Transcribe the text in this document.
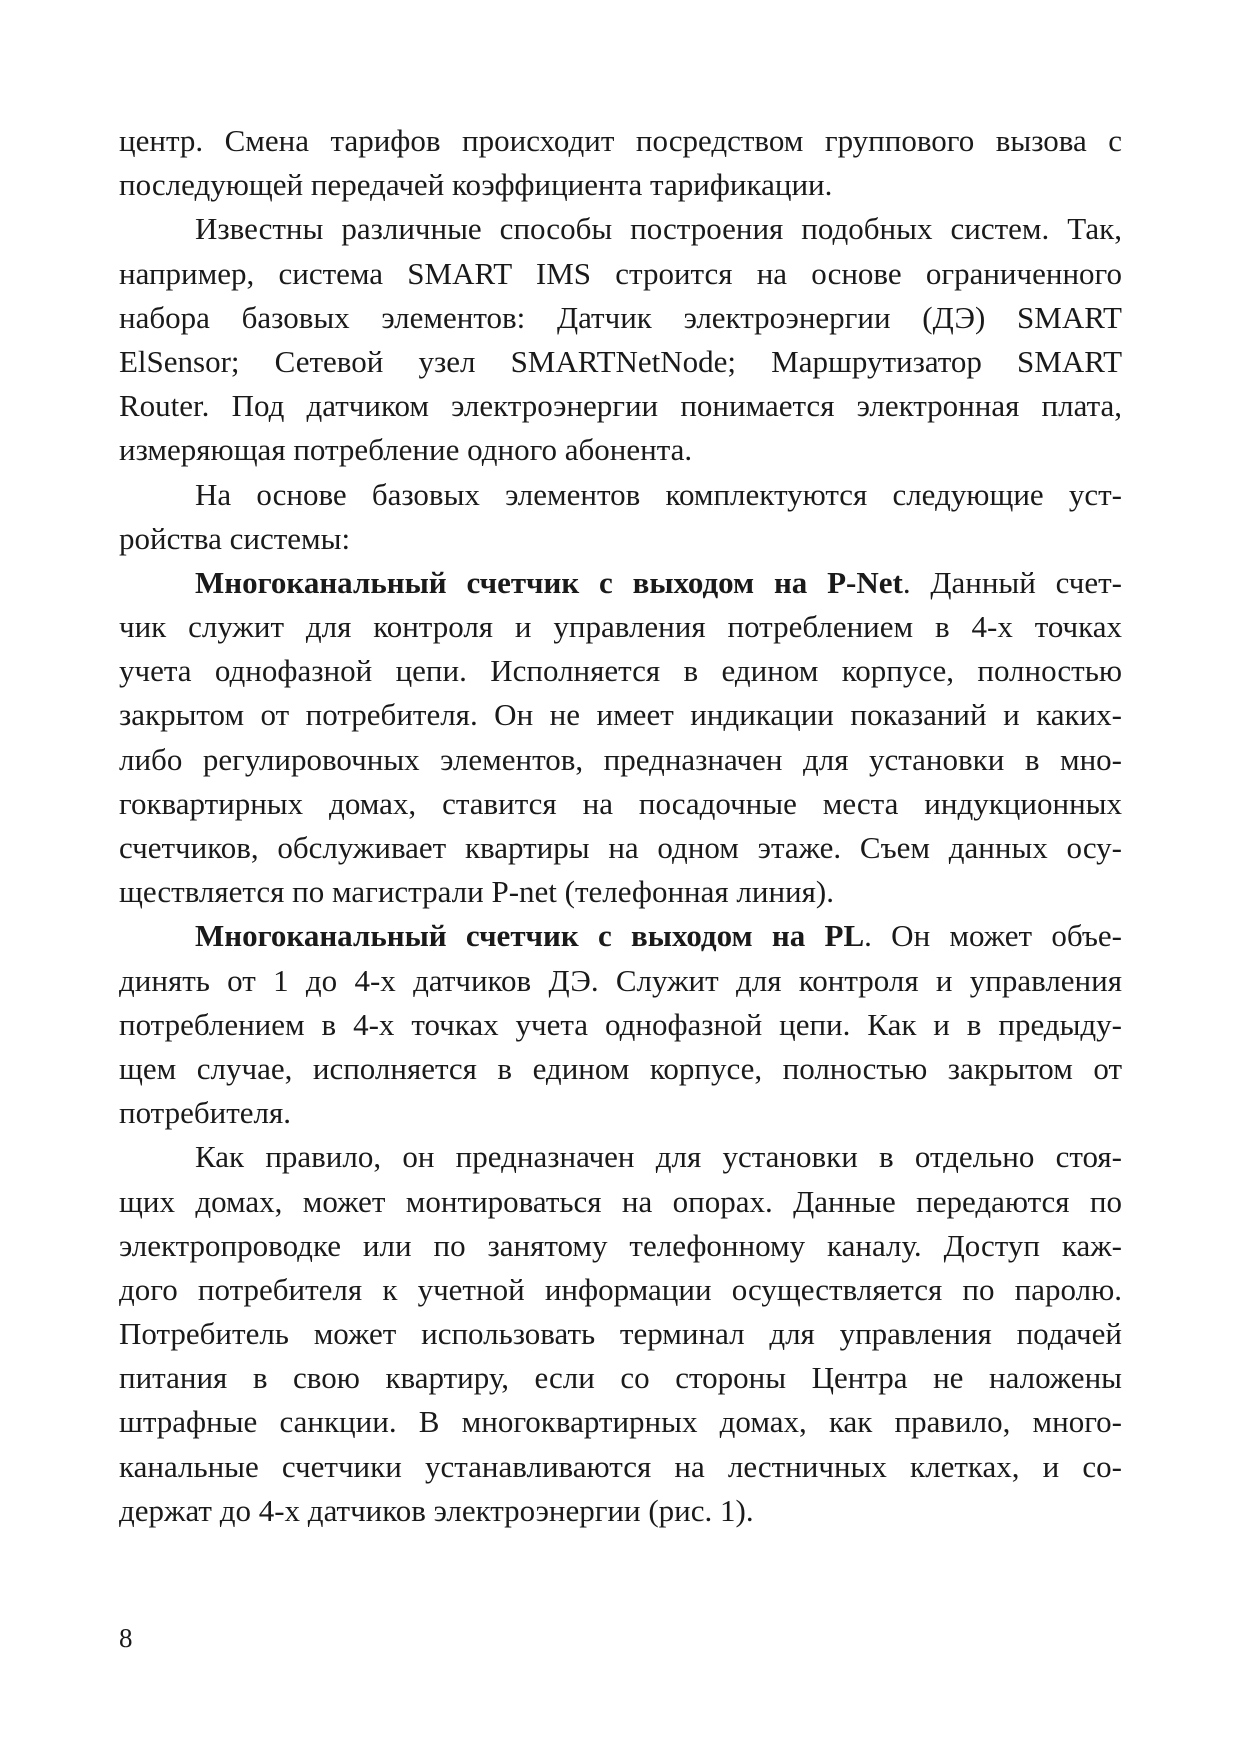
центр. Смена тарифов происходит посредством группового вызова с
последующей передачей коэффициента тарификации.
Известны различные способы построения подобных систем. Так,
например, система SMART IMS строится на основе ограниченного
набора базовых элементов: Датчик электроэнергии (ДЭ) SMART
ElSensor; Сетевой узел SMARTNetNode; Маршрутизатор SMART
Router. Под датчиком электроэнергии понимается электронная плата,
измеряющая потребление одного абонента.
На основе базовых элементов комплектуются следующие уст-
ройства системы:
Многоканальный счетчик с выходом на P-Net. Данный счет-
чик служит для контроля и управления потреблением в 4-х точках
учета однофазной цепи. Исполняется в едином корпусе, полностью
закрытом от потребителя. Он не имеет индикации показаний и каких-
либо регулировочных элементов, предназначен для установки в мно-
гоквартирных домах, ставится на посадочные места индукционных
счетчиков, обслуживает квартиры на одном этаже. Съем данных осу-
ществляется по магистрали P-net (телефонная линия).
Многоканальный счетчик с выходом на PL. Он может объе-
динять от 1 до 4-х датчиков ДЭ. Служит для контроля и управления
потреблением в 4-х точках учета однофазной цепи. Как и в предыду-
щем случае, исполняется в едином корпусе, полностью закрытом от
потребителя.
Как правило, он предназначен для установки в отдельно стоя-
щих домах, может монтироваться на опорах. Данные передаются по
электропроводке или по занятому телефонному каналу. Доступ каж-
дого потребителя к учетной информации осуществляется по паролю.
Потребитель может использовать терминал для управления подачей
питания в свою квартиру, если со стороны Центра не наложены
штрафные санкции. В многоквартирных домах, как правило, много-
канальные счетчики устанавливаются на лестничных клетках, и со-
держат до 4-х датчиков электроэнергии (рис. 1).
8
